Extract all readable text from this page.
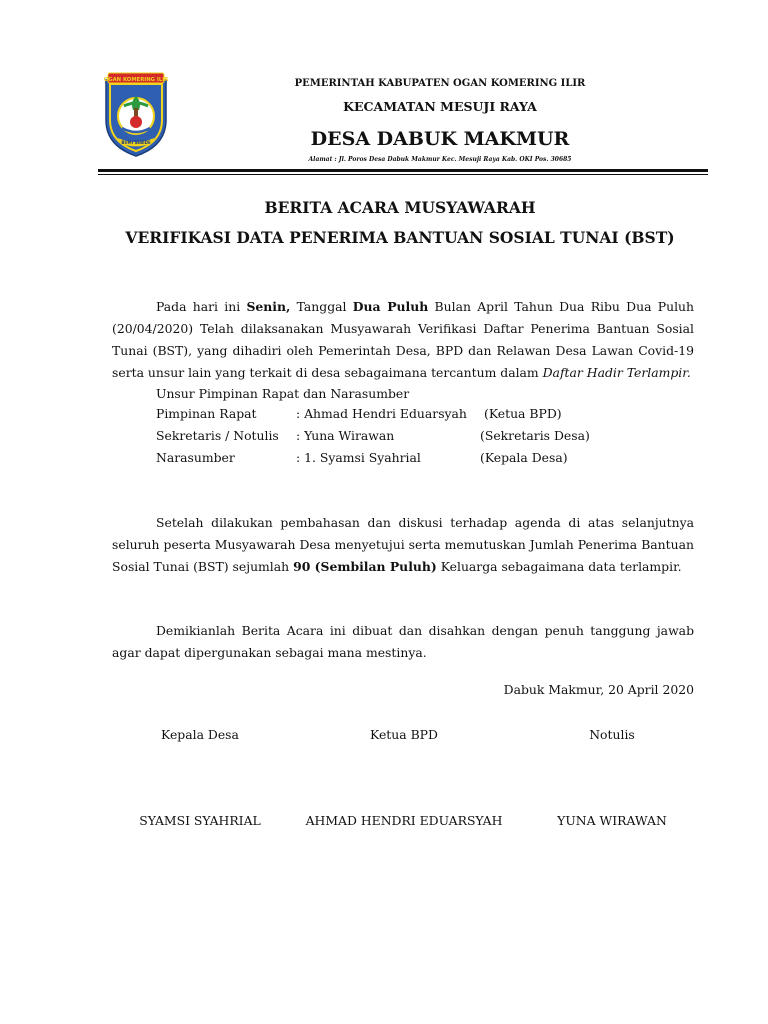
OGAN KOMERING ILIR
BUMI SEBIDE
PEMERINTAH KABUPATEN OGAN KOMERING ILIR
KECAMATAN MESUJI RAYA
DESA DABUK MAKMUR
Alamat : Jl. Poros Desa Dabuk Makmur Kec. Mesuji Raya Kab. OKI Pos. 30685
BERITA ACARA MUSYAWARAH
VERIFIKASI DATA PENERIMA BANTUAN SOSIAL TUNAI (BST)
Pada hari ini Senin, Tanggal Dua Puluh Bulan April Tahun Dua Ribu Dua Puluh (20/04/2020) Telah dilaksanakan Musyawarah Verifikasi Daftar Penerima Bantuan Sosial Tunai (BST), yang dihadiri oleh Pemerintah Desa, BPD dan Relawan Desa Lawan Covid-19 serta unsur lain yang terkait di desa sebagaimana tercantum dalam Daftar Hadir Terlampir.
Unsur Pimpinan Rapat dan Narasumber
Pimpinan Rapat	: Ahmad Hendri Eduarsyah (Ketua BPD)
Sekretaris / Notulis : Yuna Wirawan	(Sekretaris Desa)
Narasumber	: 1. Syamsi Syahrial	(Kepala Desa)
Setelah dilakukan pembahasan dan diskusi terhadap agenda di atas selanjutnya seluruh peserta Musyawarah Desa menyetujui serta memutuskan Jumlah Penerima Bantuan Sosial Tunai (BST) sejumlah 90 (Sembilan Puluh) Keluarga sebagaimana data terlampir.
Demikianlah Berita Acara ini dibuat dan disahkan dengan penuh tanggung jawab agar dapat dipergunakan sebagai mana mestinya.
Dabuk Makmur, 20 April 2020
Kepala Desa	Ketua BPD	Notulis
SYAMSI SYAHRIAL	AHMAD HENDRI EDUARSYAH	YUNA WIRAWAN
